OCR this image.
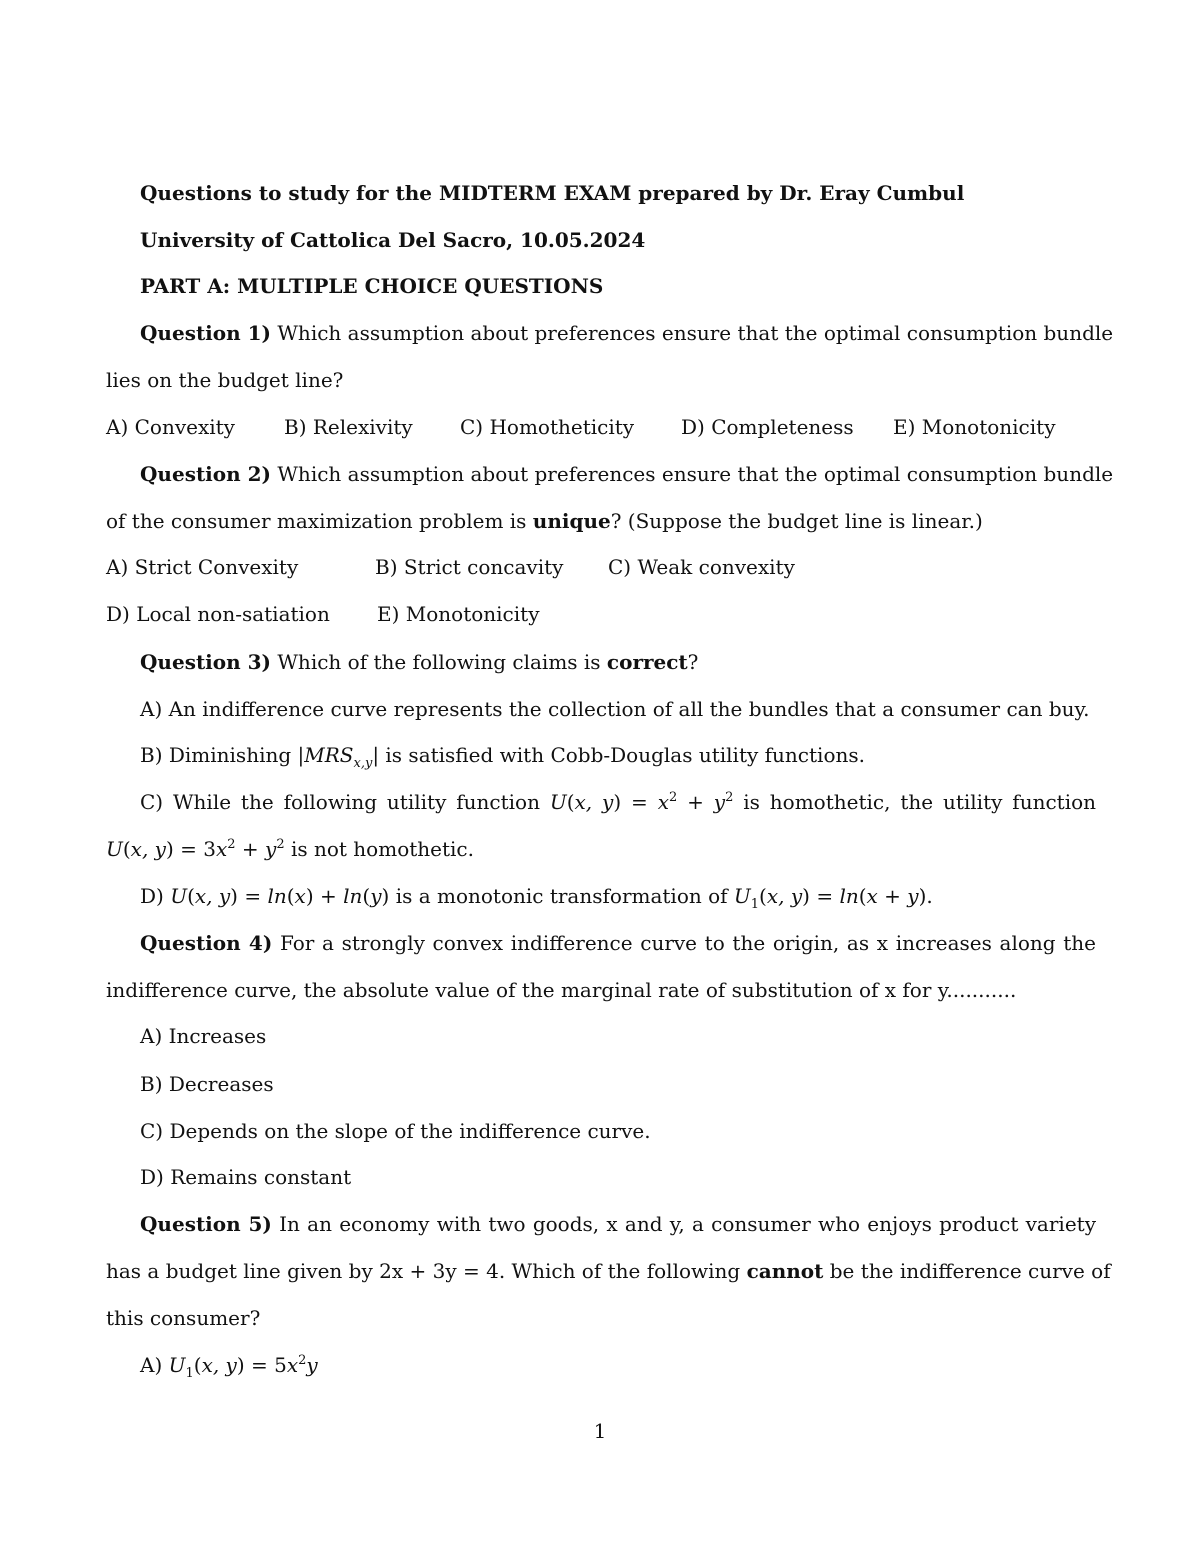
Questions to study for the MIDTERM EXAM prepared by Dr. Eray Cumbul
University of Cattolica Del Sacro, 10.05.2024
PART A: MULTIPLE CHOICE QUESTIONS
Question 1) Which assumption about preferences ensure that the optimal consumption bundle
lies on the budget line?
A) Convexity B) Relexivity C) Homotheticity D) Completeness E) Monotonicity
Question 2) Which assumption about preferences ensure that the optimal consumption bundle
of the consumer maximization problem is unique? (Suppose the budget line is linear.)
A) Strict Convexity	B) Strict concavity C) Weak convexity
D) Local non-satiation E) Monotonicity
Question 3) Which of the following claims is correct?
A) An indifference curve represents the collection of all the bundles that a consumer can buy.
B) Diminishing $|MRS_{x,y}|$ is satisfied with Cobb-Douglas utility functions.
C) While the following utility function U(x, $y) = x^2 + y^2$ is homothetic, the utility function
U(x, $y) = 3x^2 + y^2$ is not homothetic.
D) U(x, y) = ln(x) + ln(y) is a monotonic transformation of $U_1(x$, y) = ln(x + y).
Question 4) For a strongly convex indifference curve to the origin, as x increases along the
indifference curve, the absolute value of the marginal rate of substitution of x for y...........
A) Increases
B) Decreases
C) Depends on the slope of the indifference curve.
D) Remains constant
Question 5) In an economy with two goods, x and y, a consumer who enjoys product variety
has a budget line given by 2x + 3y = 4. Which of the following cannot be the indifference curve of
this consumer?
A) $U_1(x$, $y) = 5x^2y$
1
